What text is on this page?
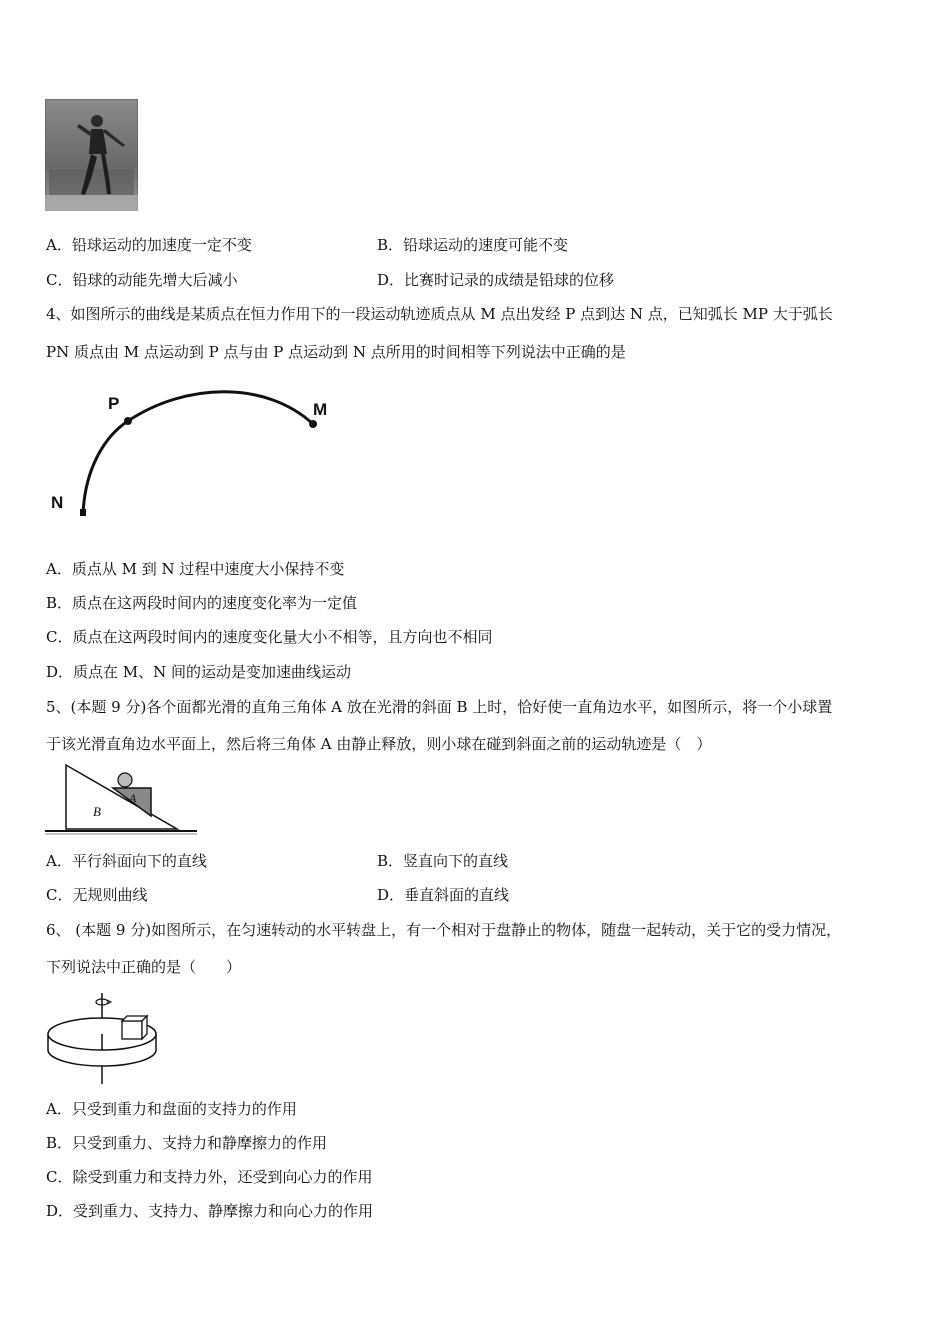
A．铅球运动的加速度一定不变	B．铅球运动的速度可能不变
C．铅球的动能先增大后减小	D．比赛时记录的成绩是铅球的位移
4、如图所示的曲线是某质点在恒力作用下的一段运动轨迹质点从 M 点出发经 P 点到达 N 点，已知弧长 MP 大于弧长
PN 质点由 M 点运动到 P 点与由 P 点运动到 N 点所用的时间相等下列说法中正确的是
P	M
N
A．质点从 M 到 N 过程中速度大小保持不变
B．质点在这两段时间内的速度变化率为一定值
C．质点在这两段时间内的速度变化量大小不相等，且方向也不相同
D．质点在 M、N 间的运动是变加速曲线运动
5、(本题 9 分)各个面都光滑的直角三角体 A 放在光滑的斜面 B 上时，恰好使一直角边水平，如图所示，将一个小球置
于该光滑直角边水平面上，然后将三角体 A 由静止释放，则小球在碰到斜面之前的运动轨迹是（　）
A
B
A．平行斜面向下的直线	B．竖直向下的直线
C．无规则曲线	D．垂直斜面的直线
6、 (本题 9 分)如图所示，在匀速转动的水平转盘上，有一个相对于盘静止的物体，随盘一起转动，关于它的受力情况，
下列说法中正确的是（　　）
A．只受到重力和盘面的支持力的作用
B．只受到重力、支持力和静摩擦力的作用
C．除受到重力和支持力外，还受到向心力的作用
D．受到重力、支持力、静摩擦力和向心力的作用
